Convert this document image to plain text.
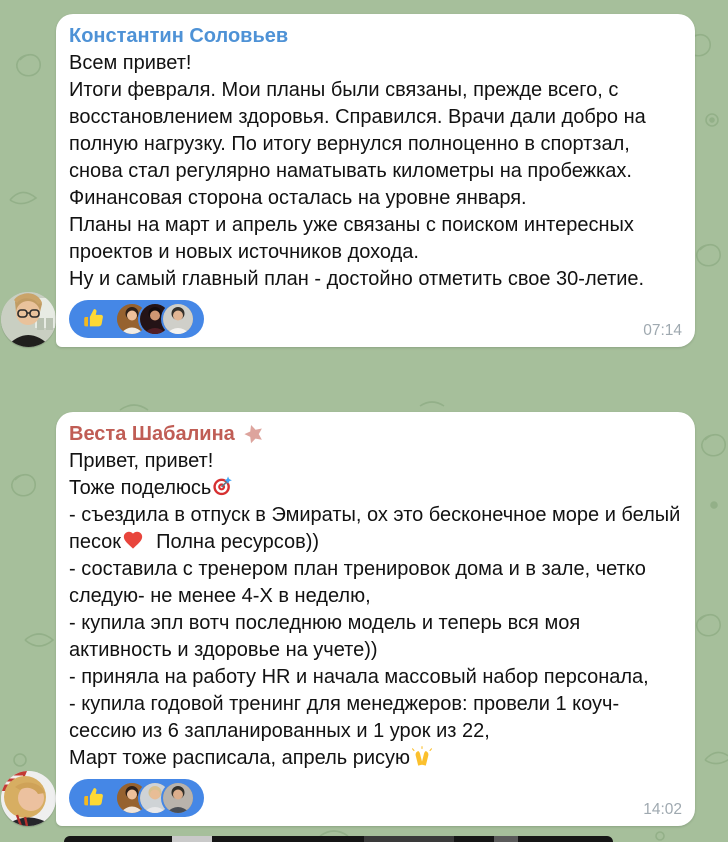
Константин Соловьев
Всем привет!
Итоги февраля. Мои планы были связаны, прежде всего, с восстановлением здоровья. Справился. Врачи дали добро на полную нагрузку. По итогу вернулся полноценно в спортзал, снова стал регулярно наматывать километры на пробежках.
Финансовая сторона осталась на уровне января.
Планы на март и апрель уже связаны с поиском интересных проектов и новых источников дохода.
Ну и самый главный план - достойно отметить свое 30-летие.
07:14
Веста Шабалина
Привет, привет!
Тоже поделюсь
- съездила в отпуск в Эмираты, ох это бесконечное море и белый песок
Полна ресурсов))
- составила с тренером план тренировок дома и в зале, четко следую- не менее 4-Х в неделю,
- купила эпл вотч последнюю модель и теперь вся моя активность и здоровье на учете))
- приняла на работу HR и начала массовый набор персонала,
- купила годовой тренинг для менеджеров: провели 1 коуч-сессию из 6 запланированных и 1 урок из 22,
Март тоже расписала, апрель рисую
14:02
